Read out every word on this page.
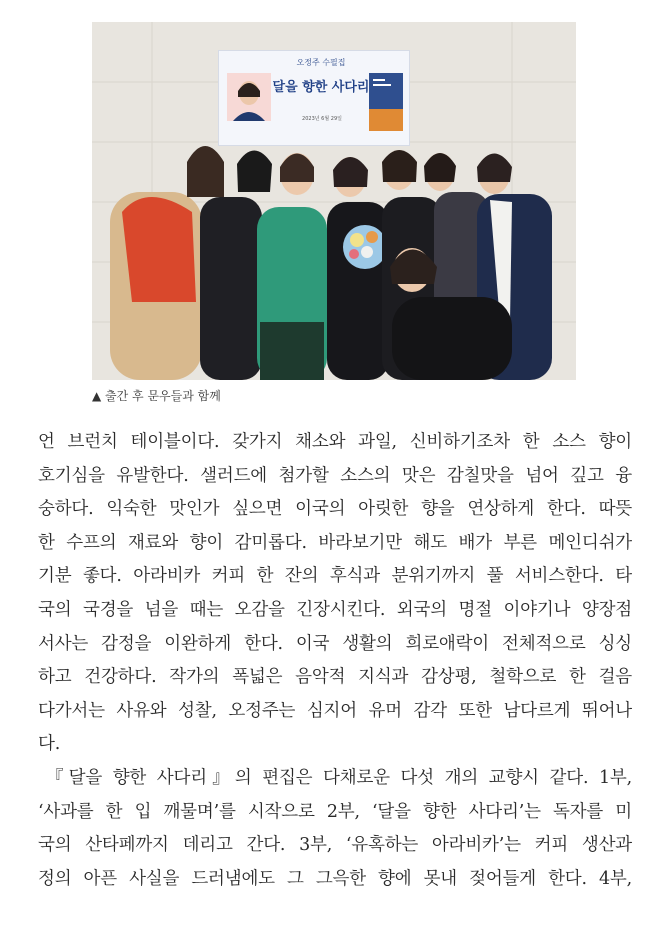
오정주 수필집
달을 향한 사다리
2023년 6월 29일
▲ 출간 후 문우들과 함께
언 브런치 테이블이다. 갖가지 채소와 과일, 신비하기조차 한 소스 향이
호기심을 유발한다. 샐러드에 첨가할 소스의 맛은 감칠맛을 넘어 깊고 융
숭하다. 익숙한 맛인가 싶으면 이국의 아릿한 향을 연상하게 한다. 따뜻
한 수프의 재료와 향이 감미롭다. 바라보기만 해도 배가 부른 메인디쉬가
기분 좋다. 아라비카 커피 한 잔의 후식과 분위기까지 풀 서비스한다. 타
국의 국경을 넘을 때는 오감을 긴장시킨다. 외국의 명절 이야기나 양장점
서사는 감정을 이완하게 한다. 이국 생활의 희로애락이 전체적으로 싱싱
하고 건강하다. 작가의 폭넓은 음악적 지식과 감상평, 철학으로 한 걸음
다가서는 사유와 성찰, 오정주는 심지어 유머 감각 또한 남다르게 뛰어나
다.
『달을 향한 사다리』의 편집은 다채로운 다섯 개의 교향시 같다. 1부,
‘사과를 한 입 깨물며’를 시작으로 2부, ‘달을 향한 사다리’는 독자를 미
국의 산타페까지 데리고 간다. 3부, ‘유혹하는 아라비카’는 커피 생산과
정의 아픈 사실을 드러냄에도 그 그윽한 향에 못내 젖어들게 한다. 4부,
